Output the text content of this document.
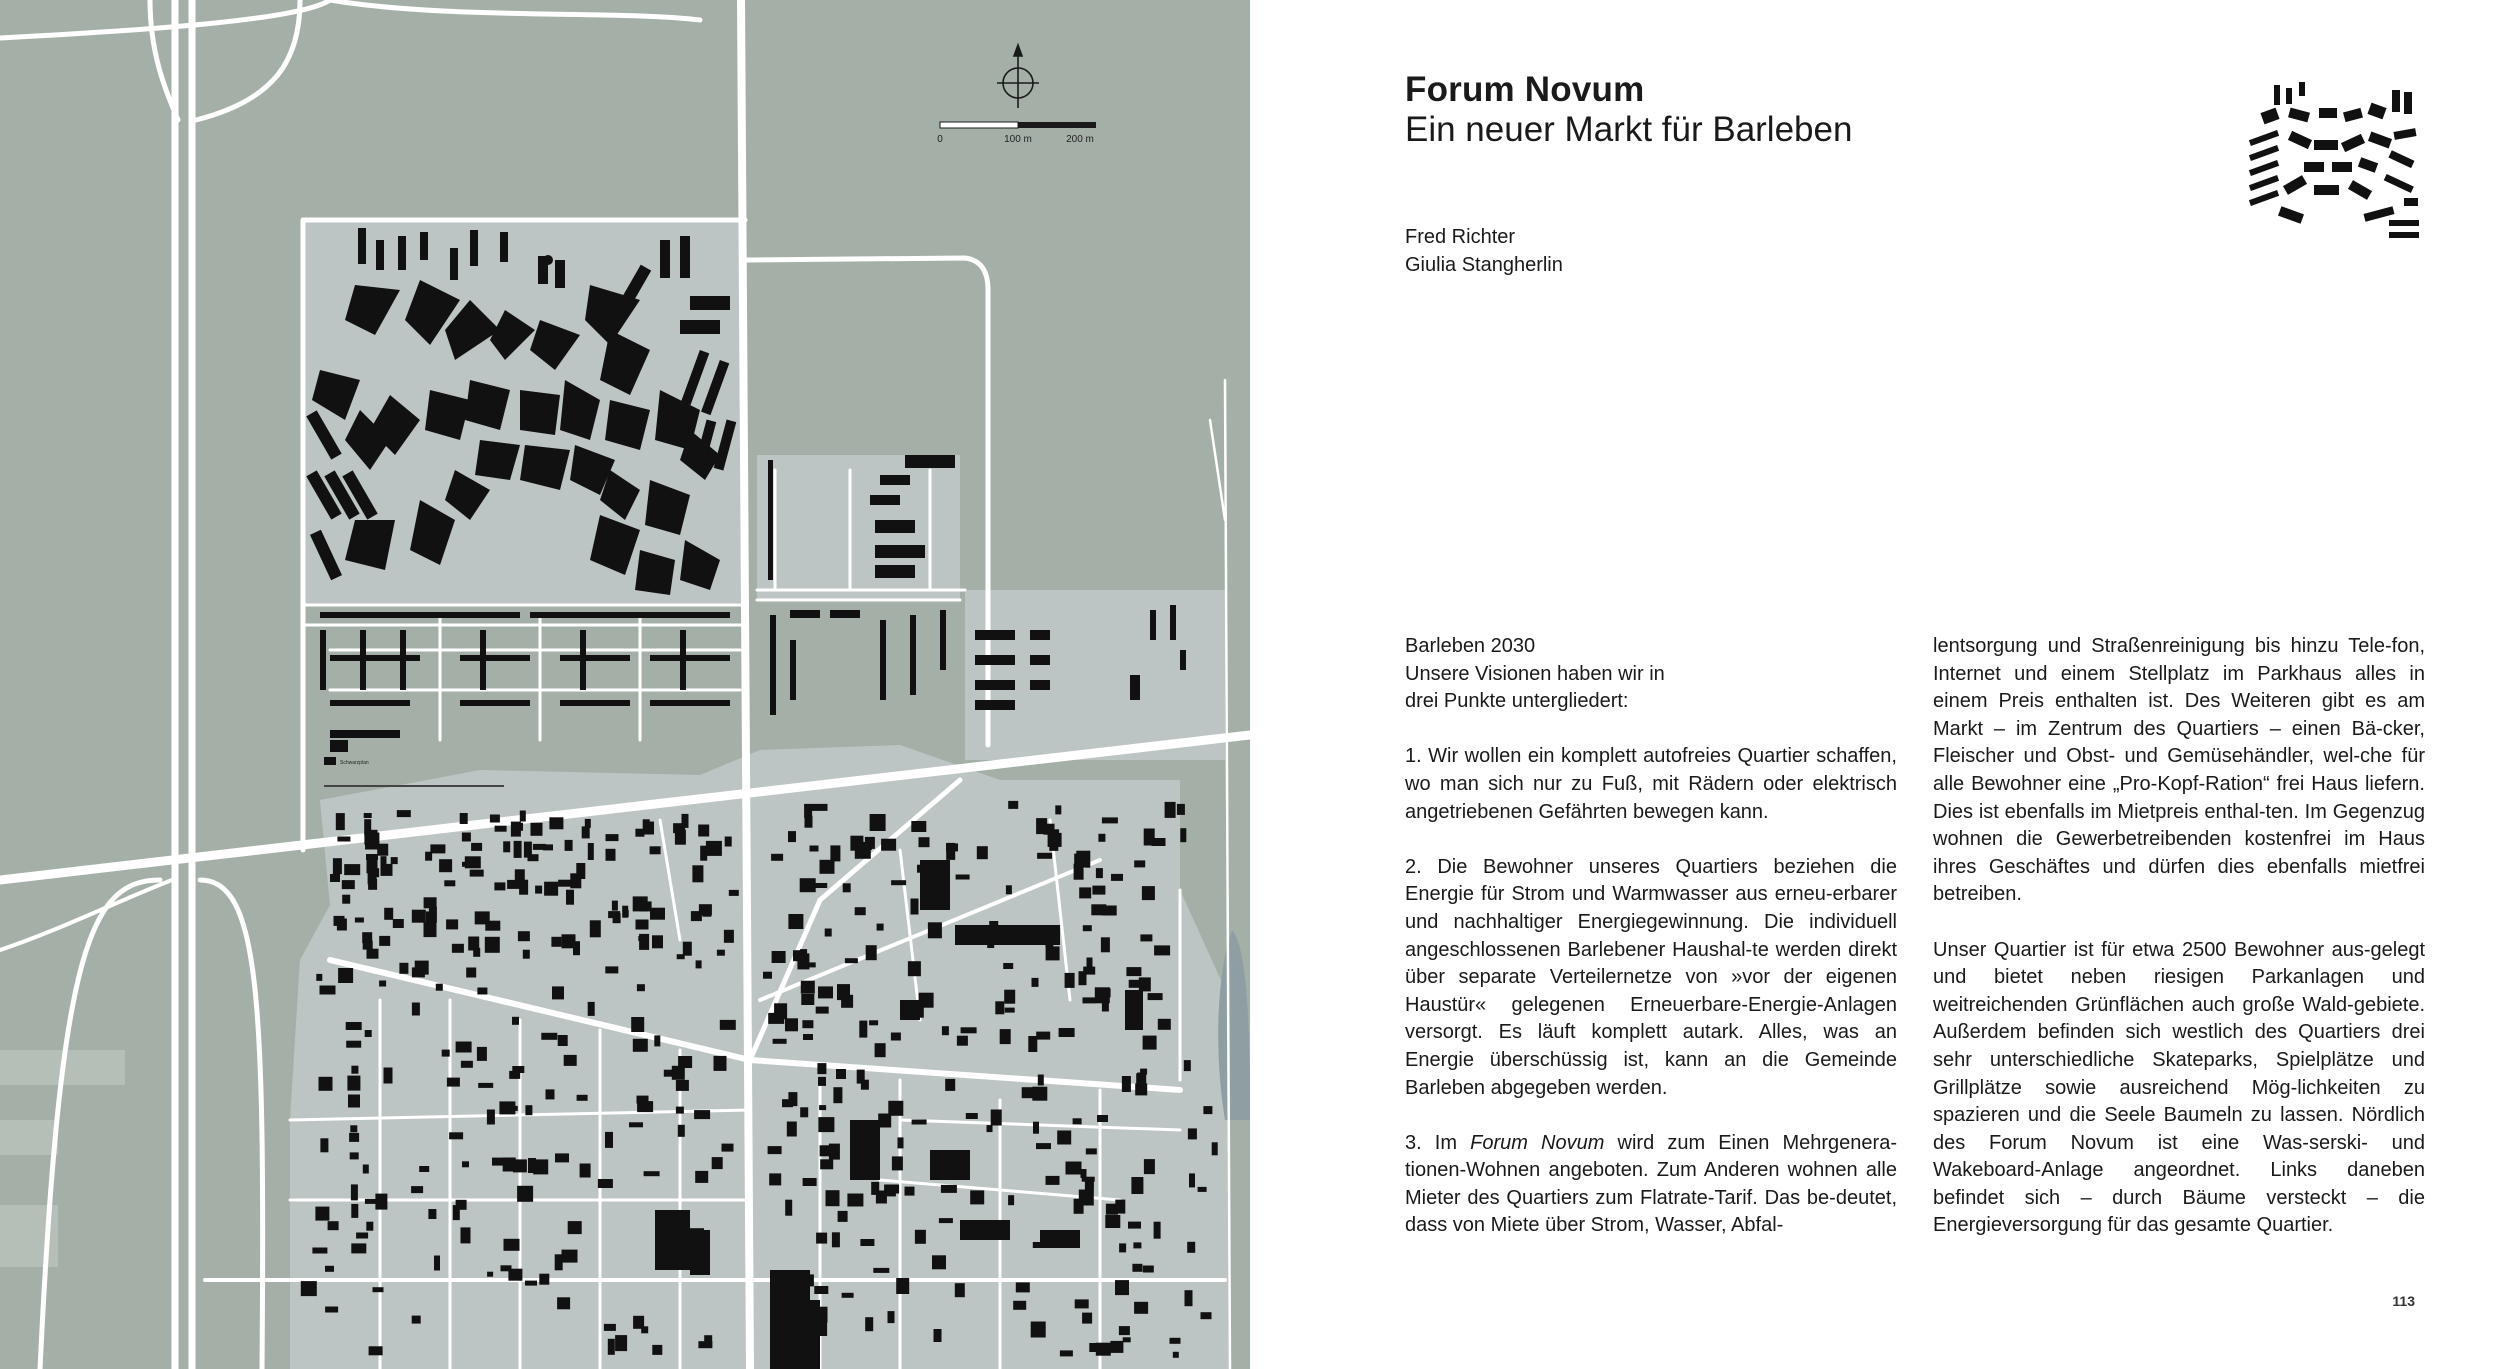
Schwarzplan
0	100 m	200 m
Forum Novum
Ein neuer Markt für Barleben
Fred Richter
Giulia Stangherlin

Barleben 2030
Unsere Visionen haben wir in
drei Punkte untergliedert:

1. Wir wollen ein komplett autofreies Quartier schaffen, wo man sich nur zu Fuß, mit Rädern oder elektrisch angetriebenen Gefährten bewegen kann.

2. Die Bewohner unseres Quartiers beziehen die Energie für Strom und Warmwasser aus erneu-erbarer und nachhaltiger Energiegewinnung. Die individuell angeschlossenen Barlebener Haushal-te werden direkt über separate Verteilernetze von »vor der eigenen Haustür« gelegenen Erneuerbare-Energie-Anlagen versorgt. Es läuft komplett autark. Alles, was an Energie überschüssig ist, kann an die Gemeinde Barleben abgegeben werden.

3. Im Forum Novum wird zum Einen Mehrgenera-tionen-Wohnen angeboten. Zum Anderen wohnen alle Mieter des Quartiers zum Flatrate-Tarif. Das be-deutet, dass von Miete über Strom, Wasser, Abfal-

lentsorgung und Straßenreinigung bis hinzu Tele-fon, Internet und einem Stellplatz im Parkhaus alles in einem Preis enthalten ist. Des Weiteren gibt es am Markt – im Zentrum des Quartiers – einen Bä-cker, Fleischer und Obst- und Gemüsehändler, wel-che für alle Bewohner eine „Pro-Kopf-Ration“ frei Haus liefern. Dies ist ebenfalls im Mietpreis enthal-ten. Im Gegenzug wohnen die Gewerbetreibenden kostenfrei im Haus ihres Geschäftes und dürfen dies ebenfalls mietfrei betreiben.

Unser Quartier ist für etwa 2500 Bewohner aus-gelegt und bietet neben riesigen Parkanlagen und weitreichenden Grünflächen auch große Wald-gebiete. Außerdem befinden sich westlich des Quartiers drei sehr unterschiedliche Skateparks, Spielplätze und Grillplätze sowie ausreichend Mög-lichkeiten zu spazieren und die Seele Baumeln zu lassen. Nördlich des Forum Novum ist eine Was-serski- und Wakeboard-Anlage angeordnet. Links daneben befindet sich – durch Bäume versteckt – die Energieversorgung für das gesamte Quartier.

113
